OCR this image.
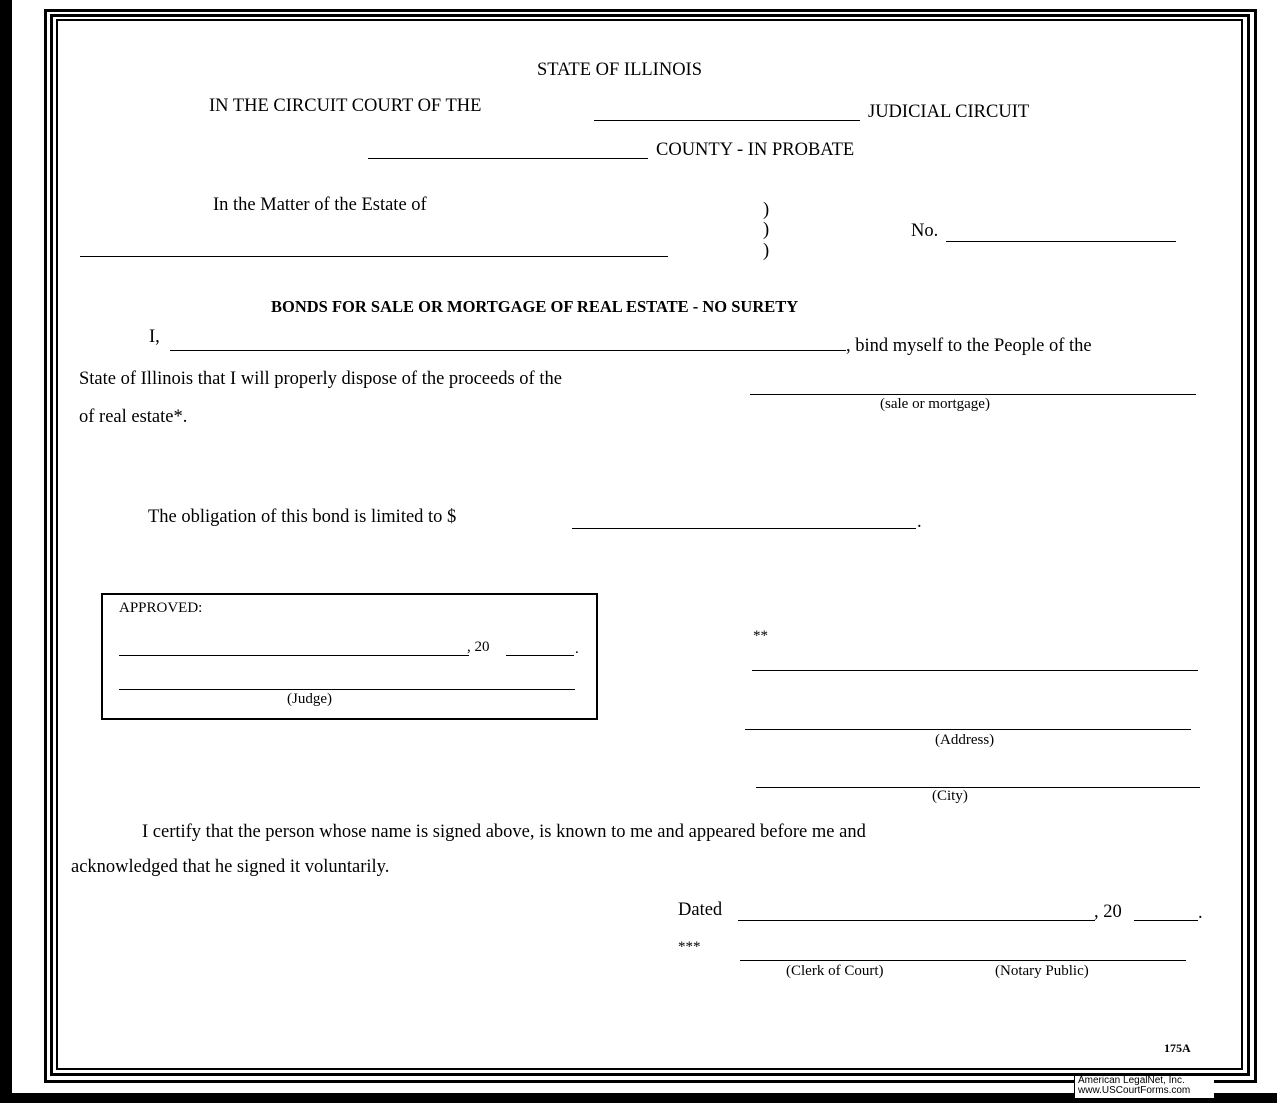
STATE OF ILLINOIS
IN THE CIRCUIT COURT OF THE	JUDICIAL CIRCUIT
COUNTY - IN PROBATE
In the Matter of the Estate of	)
)
)
No.
BONDS FOR SALE OR MORTGAGE OF REAL ESTATE - NO SURETY
I,	, bind myself to the People of the
State of Illinois that I will properly dispose of the proceeds of the
(sale or mortgage)
of real estate*.
The obligation of this bond is limited to $	.
APPROVED:
, 20	.
(Judge)
**
(Address)
(City)
I certify that the person whose name is signed above, is known to me and appeared before me and
acknowledged that he signed it voluntarily.
Dated	, 20	.
***
(Clerk of Court)	(Notary Public)
175A
American LegalNet, Inc.
www.USCourtForms.com
